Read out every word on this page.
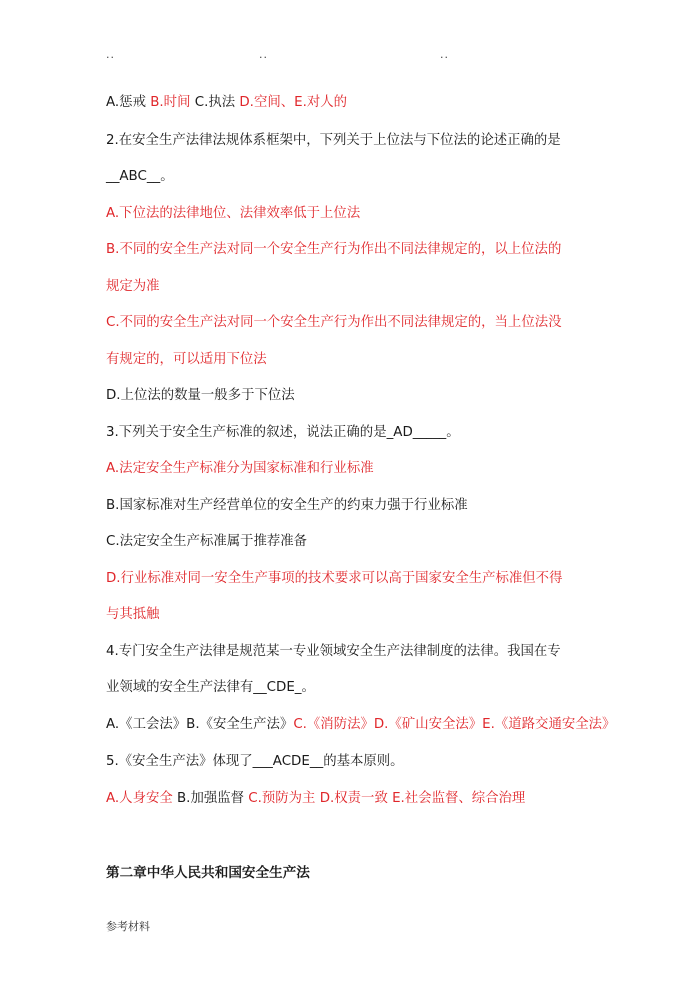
..	..	..
A.惩戒 B.时间 C.执法 D.空间、E.对人的
2.在安全生产法律法规体系框架中，下列关于上位法与下位法的论述正确的是
__ABC__。
A.下位法的法律地位、法律效率低于上位法
B.不同的安全生产法对同一个安全生产行为作出不同法律规定的，以上位法的
规定为准
C.不同的安全生产法对同一个安全生产行为作出不同法律规定的，当上位法没
有规定的，可以适用下位法
D.上位法的数量一般多于下位法
3.下列关于安全生产标准的叙述，说法正确的是_AD_____。
A.法定安全生产标准分为国家标准和行业标准
B.国家标准对生产经营单位的安全生产的约束力强于行业标准
C.法定安全生产标准属于推荐准备
D.行业标准对同一安全生产事项的技术要求可以高于国家安全生产标准但不得
与其抵触
4.专门安全生产法律是规范某一专业领域安全生产法律制度的法律。我国在专
业领域的安全生产法律有__CDE_。
A.《工会法》B.《安全生产法》C.《消防法》D.《矿山安全法》E.《道路交通安全法》
5.《安全生产法》体现了___ACDE__的基本原则。
A.人身安全 B.加强监督 C.预防为主 D.权责一致 E.社会监督、综合治理
第二章中华人民共和国安全生产法
参考材料
